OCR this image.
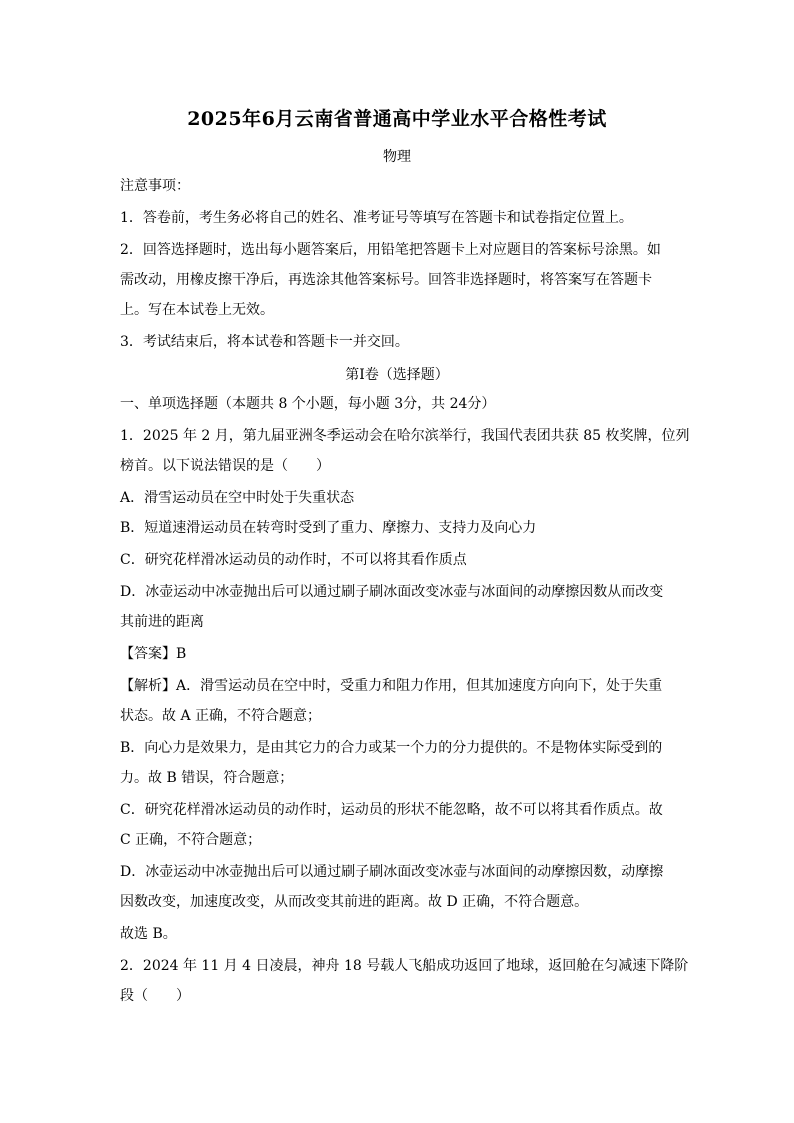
2025年6月云南省普通高中学业水平合格性考试
物理
注意事项：
1．答卷前，考生务必将自己的姓名、准考证号等填写在答题卡和试卷指定位置上。
2．回答选择题时，选出每小题答案后，用铅笔把答题卡上对应题目的答案标号涂黑。如
需改动，用橡皮擦干净后，再选涂其他答案标号。回答非选择题时，将答案写在答题卡
上。写在本试卷上无效。
3．考试结束后，将本试卷和答题卡一并交回。
第Ⅰ卷（选择题）
一、单项选择题（本题共 8 个小题，每小题 3分，共 24分）
1．2025 年 2 月，第九届亚洲冬季运动会在哈尔滨举行，我国代表团共获 85 枚奖牌，位列
榜首。以下说法错误的是（　　）
A．滑雪运动员在空中时处于失重状态
B．短道速滑运动员在转弯时受到了重力、摩擦力、支持力及向心力
C．研究花样滑冰运动员的动作时，不可以将其看作质点
D．冰壶运动中冰壶抛出后可以通过刷子刷冰面改变冰壶与冰面间的动摩擦因数从而改变
其前进的距离
【答案】B
【解析】A．滑雪运动员在空中时，受重力和阻力作用，但其加速度方向向下，处于失重
状态。故 A 正确，不符合题意；
B．向心力是效果力，是由其它力的合力或某一个力的分力提供的。不是物体实际受到的
力。故 B 错误，符合题意；
C．研究花样滑冰运动员的动作时，运动员的形状不能忽略，故不可以将其看作质点。故
C 正确，不符合题意；
D．冰壶运动中冰壶抛出后可以通过刷子刷冰面改变冰壶与冰面间的动摩擦因数，动摩擦
因数改变，加速度改变，从而改变其前进的距离。故 D 正确，不符合题意。
故选 B。
2．2024 年 11 月 4 日凌晨，神舟 18 号载人飞船成功返回了地球，返回舱在匀减速下降阶
段（　　）
